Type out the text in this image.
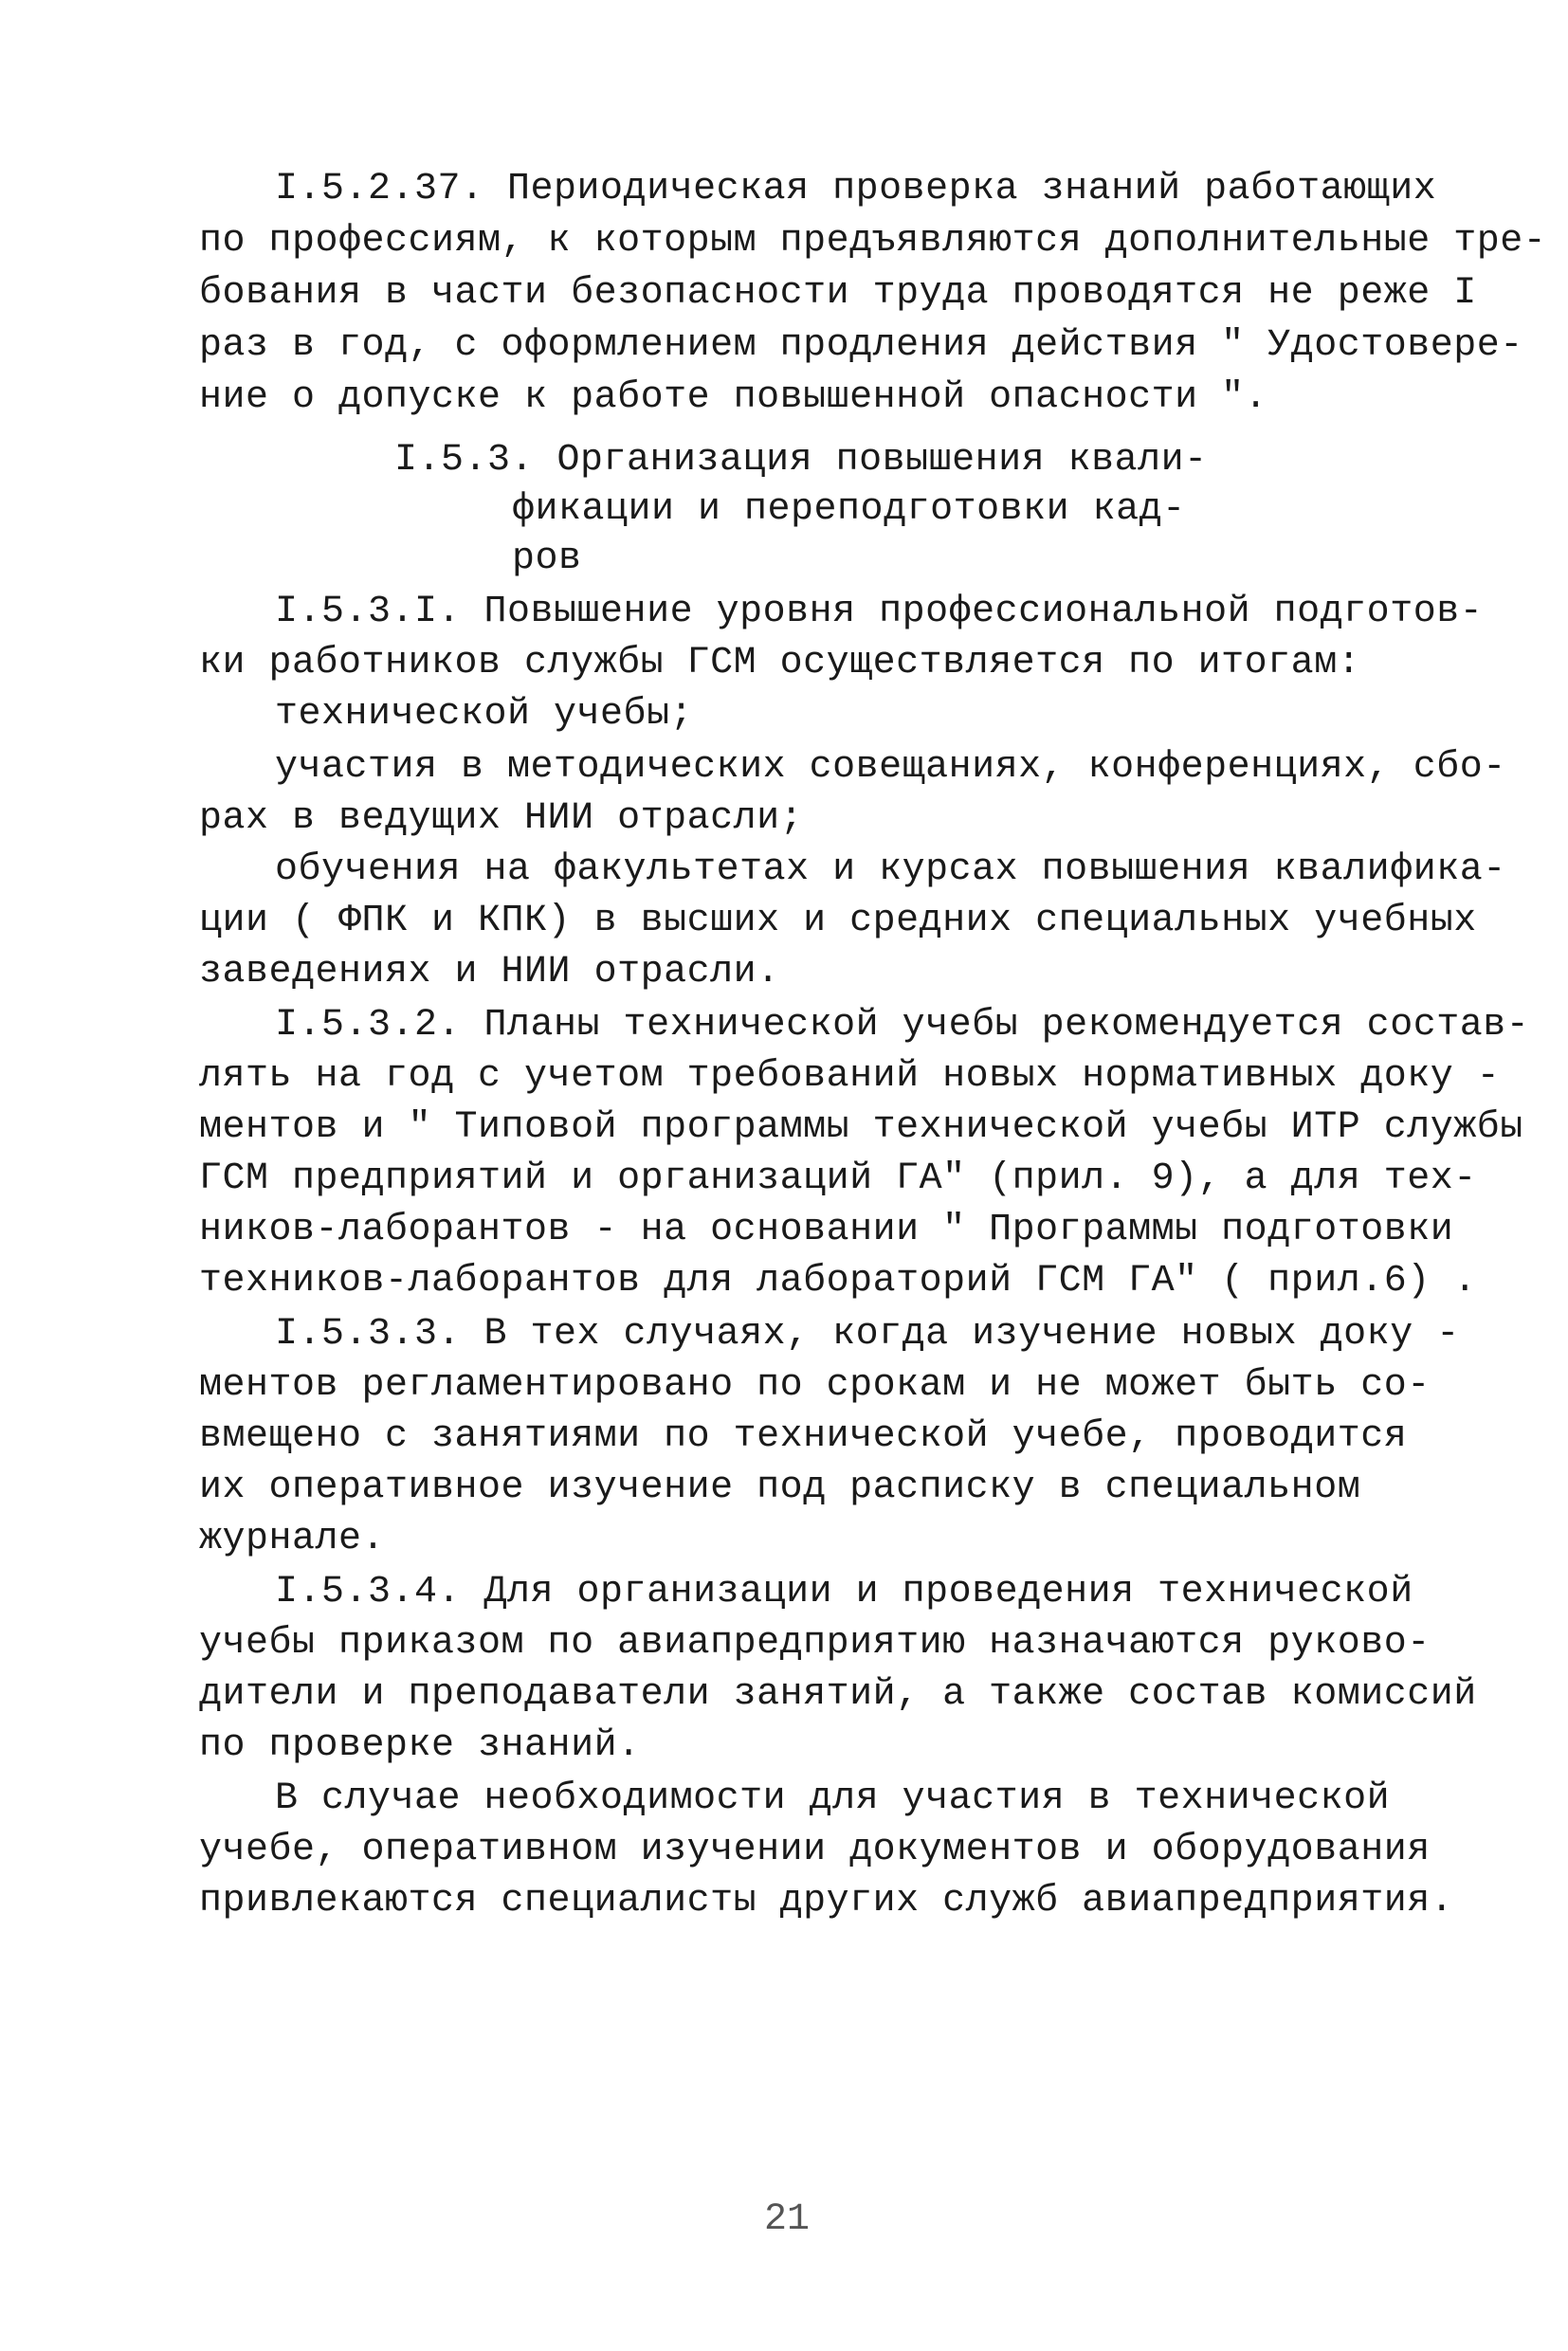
I.5.2.37. Периодическая проверка знаний работающих
по профессиям, к которым предъявляются дополнительные тре-
бования в части безопасности труда проводятся не реже I
раз в год, с оформлением продления действия " Удостовере-
ние о допуске к работе повышенной опасности ".
I.5.3. Организация повышения квали-
фикации и переподготовки кад-
ров
I.5.3.I. Повышение уровня профессиональной подготов-
ки работников службы ГСМ осуществляется по итогам:
технической учебы;
участия в методических совещаниях, конференциях, сбо-
рах в ведущих НИИ отрасли;
обучения на факультетах и курсах повышения квалифика-
ции ( ФПК и КПК) в высших и средних специальных учебных
заведениях и НИИ отрасли.
I.5.3.2. Планы технической учебы рекомендуется состав-
лять на год с учетом требований новых нормативных доку -
ментов и " Типовой программы технической учебы ИТР службы
ГСМ предприятий и организаций ГА" (прил. 9), а для тех-
ников-лаборантов - на основании " Программы подготовки
техников-лаборантов для лабораторий ГСМ ГА" ( прил.6) .
I.5.3.3. В тех случаях, когда изучение новых доку -
ментов регламентировано по срокам и не может быть со-
вмещено с занятиями по технической учебе, проводится
их оперативное изучение под расписку в специальном
журнале.
I.5.3.4. Для организации и проведения технической
учебы приказом по авиапредприятию назначаются руково-
дители и преподаватели занятий, а также состав комиссий
по проверке знаний.
В случае необходимости для участия в технической
учебе, оперативном изучении документов и оборудования
привлекаются специалисты других служб авиапредприятия.
21
